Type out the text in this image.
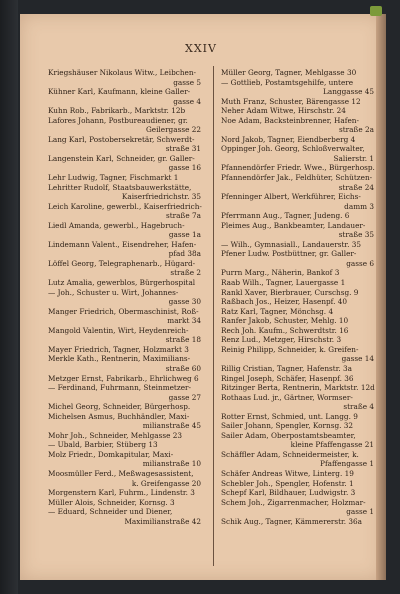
XXIV
Kriegshäuser Nikolaus Witw., Leibchen-
gasse 5
Kühner Karl, Kaufmann, kleine Galler-
gasse 4
Kuhn Rob., Fabrikarb., Marktstr. 12b
Lafores Johann, Postbureaudiener, gr.
Geilergasse 22
Lang Karl, Postobersekretär, Schwerdt-
straße 31
Langenstein Karl, Schneider, gr. Galler-
gasse 16
Lehr Ludwig, Tagner, Fischmarkt 1
Lehritter Rudolf, Staatsbauwerkstätte,
Kaiserfriedrichstr. 35
Leich Karoline, gewerbl., Kaiserfriedrich-
straße 7a
Liedl Amanda, gewerbl., Hagebruch-
gasse 1a
Lindemann Valent., Eisendreher, Hafen-
pfad 38a
Löffel Georg, Telegraphenarb., Hügard-
straße 2
Lutz Amalia, gewerblos, Bürgerhospital
— Joh., Schuster u. Wirt, Johannes-
gasse 30
Manger Friedrich, Obermaschinist, Roß-
markt 34
Mangold Valentin, Wirt, Heydenreich-
straße 18
Mayer Friedrich, Tagner, Holzmarkt 3
Merkle Kath., Rentnerin, Maximilians-
straße 60
Metzger Ernst, Fabrikarb., Ehrlichweg 6
— Ferdinand, Fuhrmann, Steinmetzer-
gasse 27
Michel Georg, Schneider, Bürgerhosp.
Michelsen Asmus, Buchhändler, Maxi-
milianstraße 45
Mohr Joh., Schneider, Mehlgasse 23
— Ubald, Barbier, Stüberg 13
Molz Friedr., Domkapitular, Maxi-
milianstraße 10
Moosmüller Ferd., Meßwagesassistent,
k. Greifengasse 20
Morgenstern Karl, Fuhrm., Lindenstr. 3
Müller Alois, Schneider, Kornsg. 3
— Eduard, Schneider und Diener,
Maximilianstraße 42
Müller Georg, Tagner, Mehlgasse 30
— Gottlieb, Postamtsgehilfe, untere
Langgasse 45
Muth Franz, Schuster, Bärengasse 12
Neher Adam Witwe, Hirschstr. 24
Noe Adam, Backsteinbrenner, Hafen-
straße 2a
Nord Jakob, Tagner, Eiendberberg 4
Oppinger Joh. Georg, Schloßverwalter,
Salierstr. 1
Pfannendörfer Friedr. Wwe., Bürgerhosp.
Pfannendörfer Jak., Feldhüter, Schützen-
straße 24
Pfenninger Albert, Werkführer, Eichs-
damm 3
Pferrmann Aug., Tagner, Judeng. 6
Pleimes Aug., Bankbeamter, Landauer-
straße 35
— Wilh., Gymnasiall., Landauerstr. 35
Pfener Ludw. Postbüttner, gr. Galler-
gasse 6
Purrn Marg., Näherin, Bankof 3
Raab Wilh., Tagner, Lauergasse 1
Rankl Xaver, Bierbrauer, Curschsg. 9
Raßbach Jos., Heizer, Hasenpf. 40
Ratz Karl, Tagner, Mönchsg. 4
Ranfer Jakob, Schuster, Mehlg. 10
Rech Joh. Kaufm., Schwerdtstr. 16
Renz Lud., Metzger, Hirschstr. 3
Reinig Philipp, Schneider, k. Greifen-
gasse 14
Rillig Cristian, Tagner, Hafenstr. 3a
Ringel Joseph, Schäfer, Hasenpf. 36
Ritzinger Berta, Rentnerin, Marktstr. 12d
Rothaas Lud. jr., Gärtner, Wormser-
straße 4
Rotter Ernst, Schmied, unt. Langg. 9
Sailer Johann, Spengler, Kornsg. 32
Sailer Adam, Oberpostamtsbeamter,
kleine Pfaffengasse 21
Schäffler Adam, Schneidermeister, k.
Pfaffengasse 1
Schäfer Andreas Witwe, Linterg. 19
Schebler Joh., Spengler, Hofenstr. 1
Schepf Karl, Bildhauer, Ludwigstr. 3
Schem Joh., Zigarrenmacher, Holzmar-
gasse 1
Schik Aug., Tagner, Kämmererstr. 36a
